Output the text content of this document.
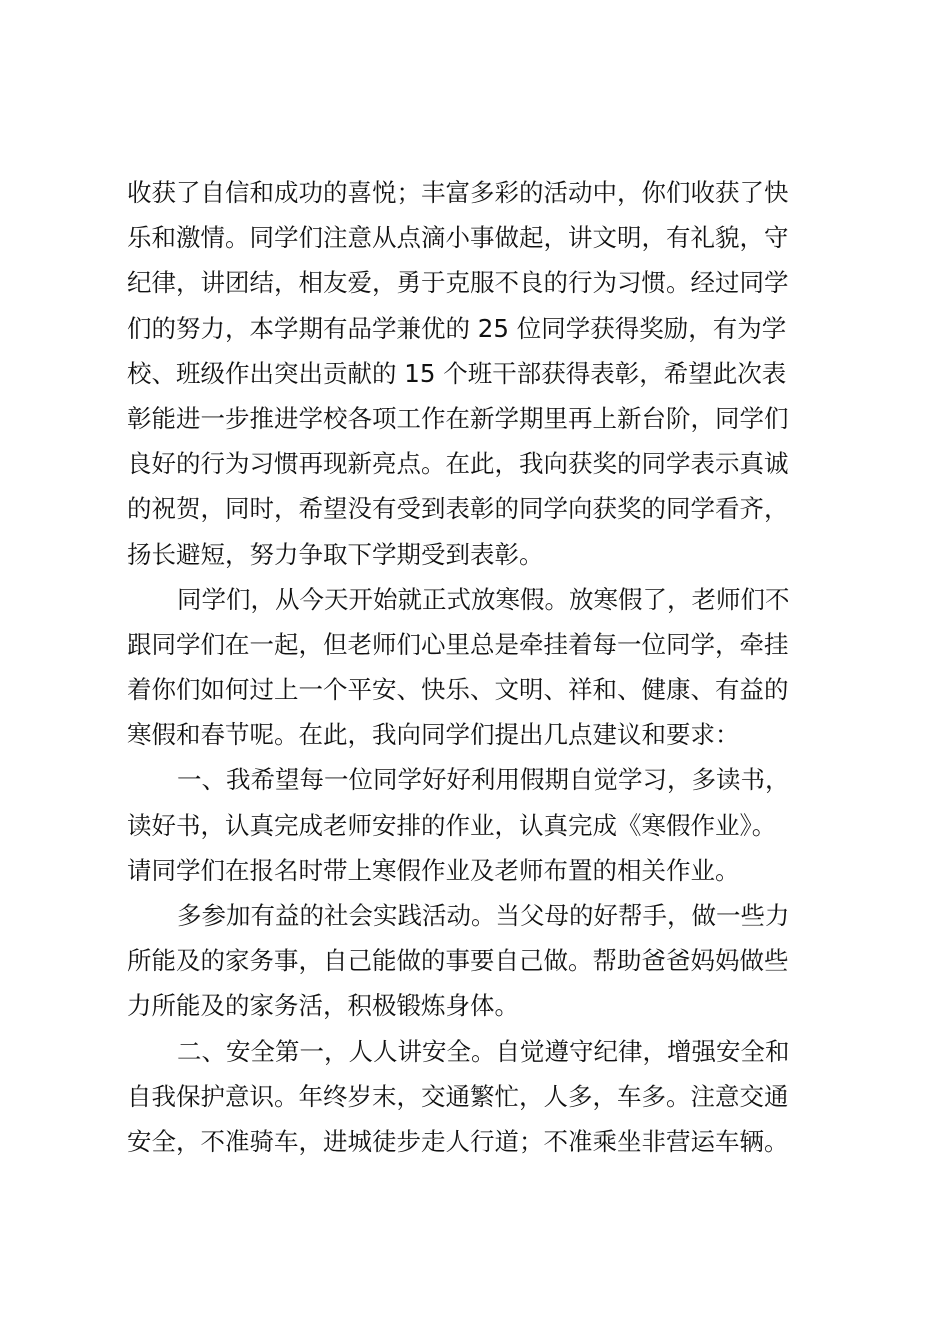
收获了自信和成功的喜悦；丰富多彩的活动中，你们收获了快
乐和激情。同学们注意从点滴小事做起，讲文明，有礼貌，守
纪律，讲团结，相友爱，勇于克服不良的行为习惯。经过同学
们的努力，本学期有品学兼优的 25 位同学获得奖励，有为学
校、班级作出突出贡献的 15 个班干部获得表彰，希望此次表
彰能进一步推进学校各项工作在新学期里再上新台阶，同学们
良好的行为习惯再现新亮点。在此，我向获奖的同学表示真诚
的祝贺，同时，希望没有受到表彰的同学向获奖的同学看齐，
扬长避短，努力争取下学期受到表彰。
同学们，从今天开始就正式放寒假。放寒假了，老师们不
跟同学们在一起，但老师们心里总是牵挂着每一位同学，牵挂
着你们如何过上一个平安、快乐、文明、祥和、健康、有益的
寒假和春节呢。在此，我向同学们提出几点建议和要求：
一、我希望每一位同学好好利用假期自觉学习，多读书，
读好书，认真完成老师安排的作业，认真完成《寒假作业》。
请同学们在报名时带上寒假作业及老师布置的相关作业。
多参加有益的社会实践活动。当父母的好帮手，做一些力
所能及的家务事，自己能做的事要自己做。帮助爸爸妈妈做些
力所能及的家务活，积极锻炼身体。
二、安全第一，人人讲安全。自觉遵守纪律，增强安全和
自我保护意识。年终岁末，交通繁忙，人多，车多。注意交通
安全，不准骑车，进城徒步走人行道；不准乘坐非营运车辆。
